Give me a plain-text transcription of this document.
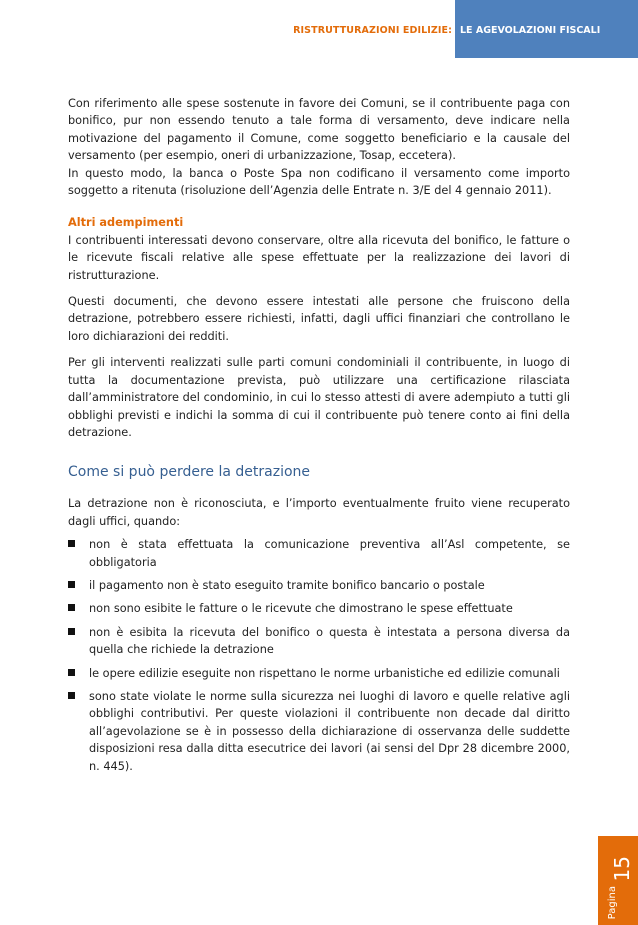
RISTRUTTURAZIONI EDILIZIE: LE AGEVOLAZIONI FISCALI

Con riferimento alle spese sostenute in favore dei Comuni, se il contribuente paga con bonifico, pur non essendo tenuto a tale forma di versamento, deve indicare nella motivazione del pagamento il Comune, come soggetto beneficiario e la causale del versamento (per esempio, oneri di urbanizzazione, Tosap, eccetera).

In questo modo, la banca o Poste Spa non codificano il versamento come importo soggetto a ritenuta (risoluzione dell’Agenzia delle Entrate n. 3/E del 4 gennaio 2011).

Altri adempimenti

I contribuenti interessati devono conservare, oltre alla ricevuta del bonifico, le fatture o le ricevute fiscali relative alle spese effettuate per la realizzazione dei lavori di ristrutturazione.

Questi documenti, che devono essere intestati alle persone che fruiscono della detrazione, potrebbero essere richiesti, infatti, dagli uffici finanziari che controllano le loro dichiarazioni dei redditi.

Per gli interventi realizzati sulle parti comuni condominiali il contribuente, in luogo di tutta la documentazione prevista, può utilizzare una certificazione rilasciata dall’amministratore del condominio, in cui lo stesso attesti di avere adempiuto a tutti gli obblighi previsti e indichi la somma di cui il contribuente può tenere conto ai fini della detrazione.

Come si può perdere la detrazione

La detrazione non è riconosciuta, e l’importo eventualmente fruito viene recuperato dagli uffici, quando:

non è stata effettuata la comunicazione preventiva all’Asl competente, se obbligatoria
il pagamento non è stato eseguito tramite bonifico bancario o postale
non sono esibite le fatture o le ricevute che dimostrano le spese effettuate
non è esibita la ricevuta del bonifico o questa è intestata a persona diversa da quella che richiede la detrazione
le opere edilizie eseguite non rispettano le norme urbanistiche ed edilizie comunali
sono state violate le norme sulla sicurezza nei luoghi di lavoro e quelle relative agli obblighi contributivi. Per queste violazioni il contribuente non decade dal diritto all’agevolazione se è in possesso della dichiarazione di osservanza delle suddette disposizioni resa dalla ditta esecutrice dei lavori (ai sensi del Dpr 28 dicembre 2000, n. 445).
Pagina
15
